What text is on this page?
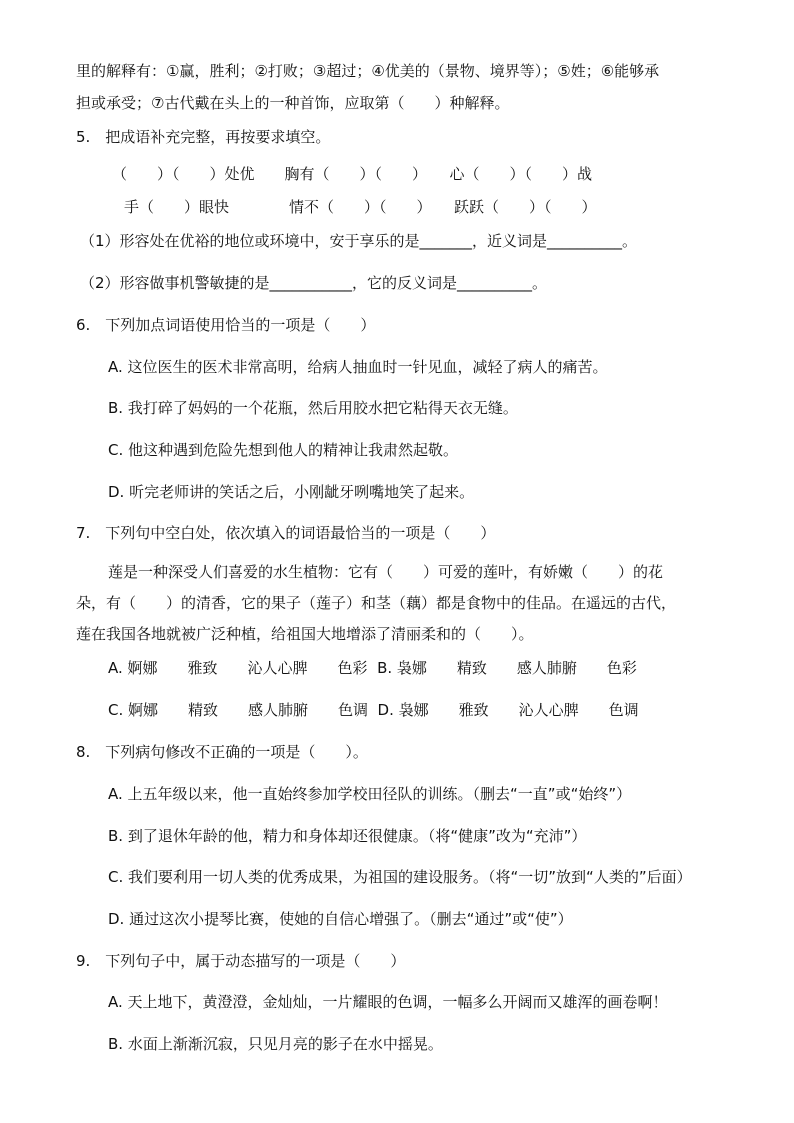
里的解释有：①赢，胜利；②打败；③超过；④优美的（景物、境界等）；⑤姓；⑥能够承
担或承受；⑦古代戴在头上的一种首饰，应取第（　　）种解释。
5.　把成语补充完整，再按要求填空。
（　　）（　　）处优　　胸有（　　）（　　）　　心（　　）（　　）战
手（　　）眼快　　　　情不（　　）（　　）　　跃跃（　　）（　　）
（1）形容处在优裕的地位或环境中，安于享乐的是_______，近义词是__________。
（2）形容做事机警敏捷的是___________，它的反义词是__________。
6.　下列加点词语使用恰当的一项是（　　）
A. 这位医生的医术非常高明，给病人抽血时一针见血，减轻了病人的痛苦。
B. 我打碎了妈妈的一个花瓶，然后用胶水把它粘得天衣无缝。
C. 他这种遇到危险先想到他人的精神让我肃然起敬。
D. 听完老师讲的笑话之后，小刚龇牙咧嘴地笑了起来。
7.　下列句中空白处，依次填入的词语最恰当的一项是（　　）
莲是一种深受人们喜爱的水生植物：它有（　　）可爱的莲叶，有娇嫩（　　）的花
朵，有（　　）的清香，它的果子（莲子）和茎（藕）都是食物中的佳品。在遥远的古代，
莲在我国各地就被广泛种植，给祖国大地增添了清丽柔和的（　　）。
A. 婀娜　　雅致　　沁人心脾　　色彩  B. 袅娜　　精致　　感人肺腑　　色彩
C. 婀娜　　精致　　感人肺腑　　色调  D. 袅娜　　雅致　　沁人心脾　　色调
8.　下列病句修改不正确的一项是（　　）。
A. 上五年级以来，他一直始终参加学校田径队的训练。（删去“一直”或“始终”）
B. 到了退休年龄的他，精力和身体却还很健康。（将“健康”改为“充沛”）
C. 我们要利用一切人类的优秀成果，为祖国的建设服务。（将“一切”放到“人类的”后面）
D. 通过这次小提琴比赛，使她的自信心增强了。（删去“通过”或“使”）
9.　下列句子中，属于动态描写的一项是（　　）
A. 天上地下，黄澄澄，金灿灿，一片耀眼的色调，一幅多么开阔而又雄浑的画卷啊！
B. 水面上渐渐沉寂，只见月亮的影子在水中摇晃。
